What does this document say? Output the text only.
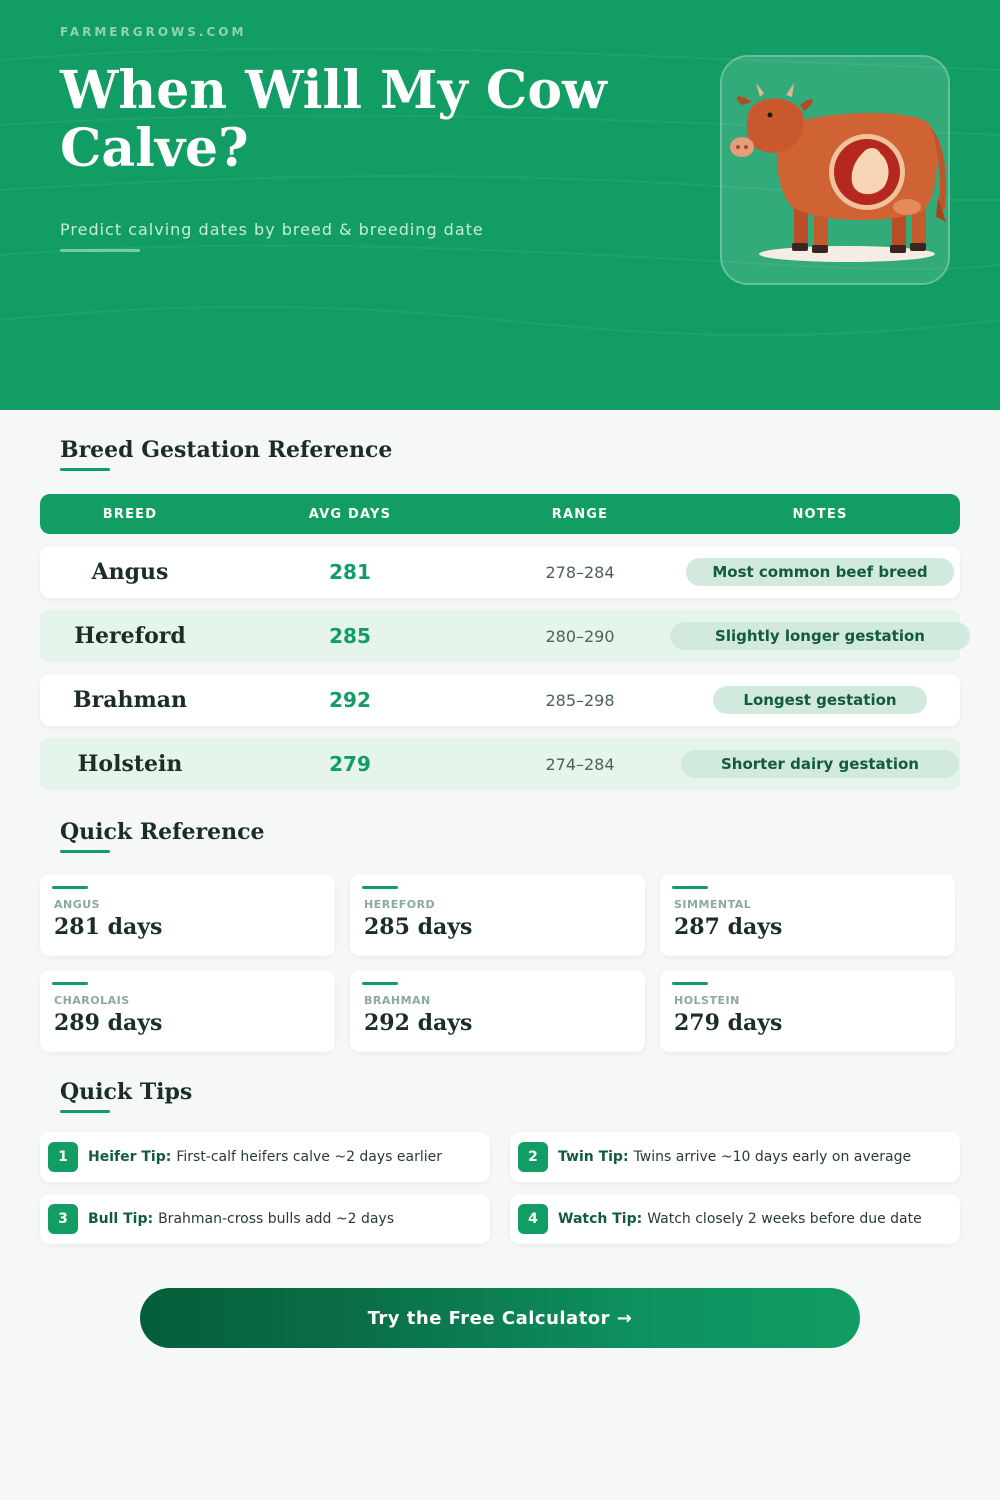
FARMERGROWS.COM
When Will My Cow Calve?
Predict calving dates by breed & breeding date
Breed Gestation Reference
BREED	AVG DAYS	RANGE	NOTES
Angus	281	278–284	Most common beef breed
Hereford	285	280–290	Slightly longer gestation
Brahman	292	285–298	Longest gestation
Holstein	279	274–284	Shorter dairy gestation
Quick Reference
ANGUS
281 days
HEREFORD
285 days
SIMMENTAL
287 days
CHAROLAIS
289 days
BRAHMAN
292 days
HOLSTEIN
279 days
Quick Tips
1	Heifer Tip: First-calf heifers calve ~2 days earlier	2	Twin Tip: Twins arrive ~10 days early on average
3	Bull Tip: Brahman-cross bulls add ~2 days	4	Watch Tip: Watch closely 2 weeks before due date
Try the Free Calculator →
